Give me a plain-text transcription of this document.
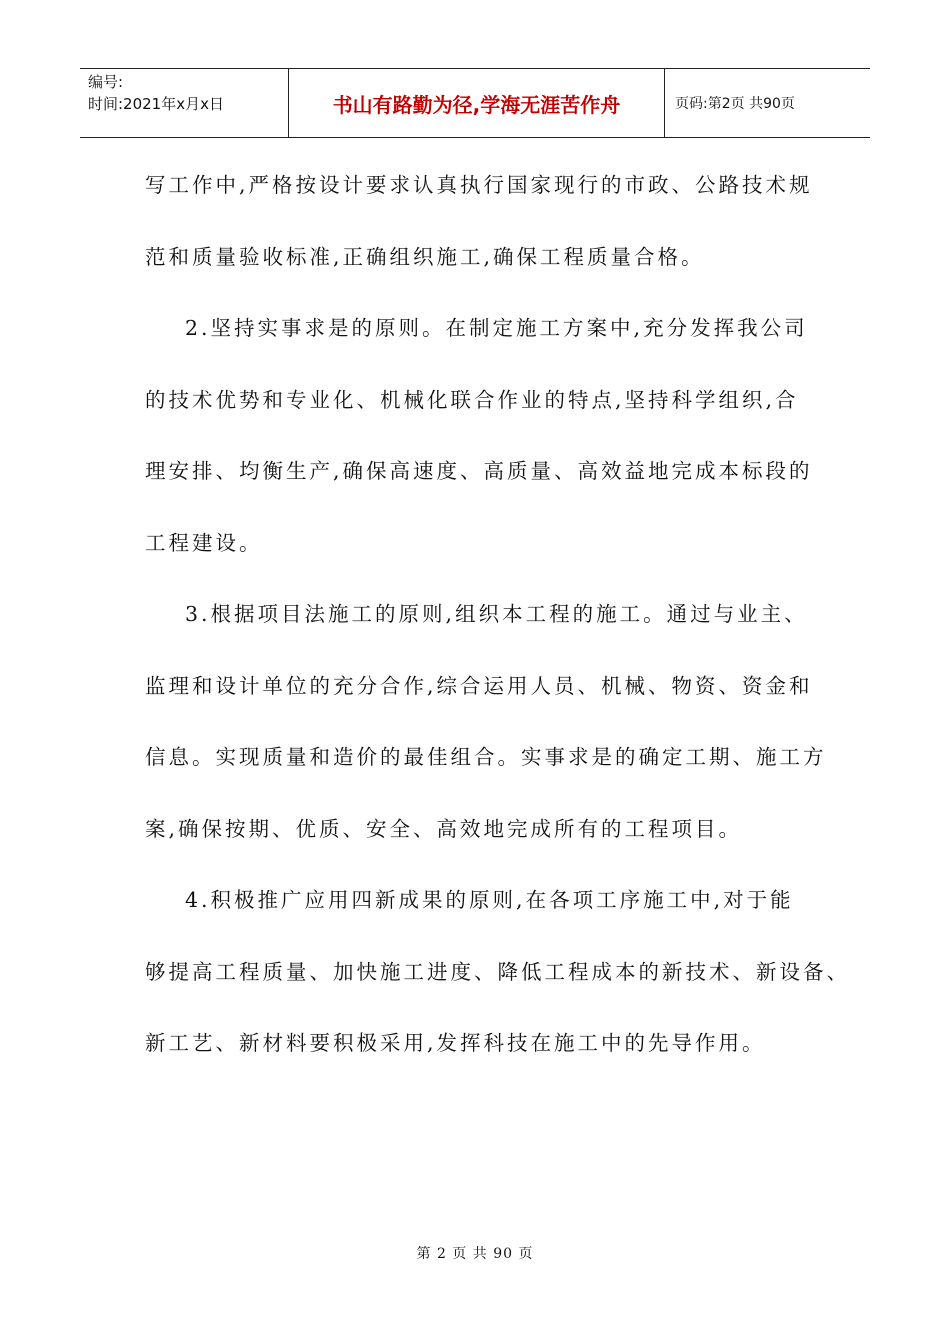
编号:
时间:2021年x月x日	书山有路勤为径,学海无涯苦作舟	页码:第2页 共90页
写工作中,严格按设计要求认真执行国家现行的市政、公路技术规
范和质量验收标准,正确组织施工,确保工程质量合格。
2.坚持实事求是的原则。在制定施工方案中,充分发挥我公司
的技术优势和专业化、机械化联合作业的特点,坚持科学组织,合
理安排、均衡生产,确保高速度、高质量、高效益地完成本标段的
工程建设。
3.根据项目法施工的原则,组织本工程的施工。通过与业主、
监理和设计单位的充分合作,综合运用人员、机械、物资、资金和
信息。实现质量和造价的最佳组合。实事求是的确定工期、施工方
案,确保按期、优质、安全、高效地完成所有的工程项目。
4.积极推广应用四新成果的原则,在各项工序施工中,对于能
够提高工程质量、加快施工进度、降低工程成本的新技术、新设备、
新工艺、新材料要积极采用,发挥科技在施工中的先导作用。
第 2 页 共 90 页
